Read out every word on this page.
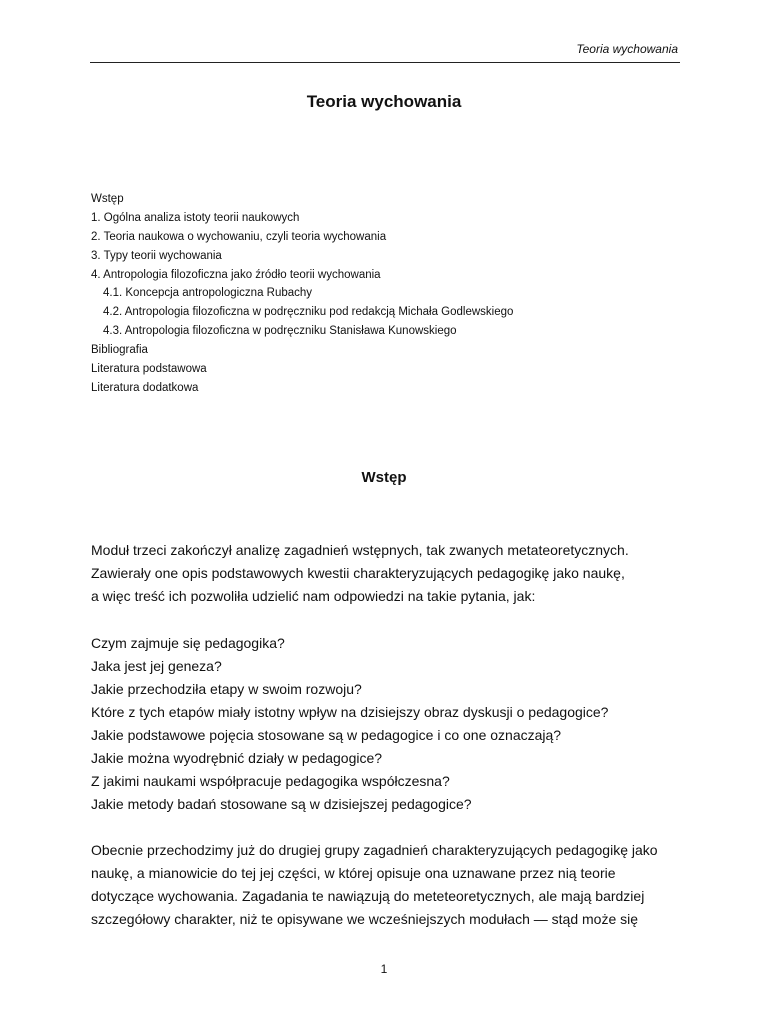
Teoria wychowania
Teoria wychowania
Wstęp
1. Ogólna analiza istoty teorii naukowych
2. Teoria naukowa o wychowaniu, czyli teoria wychowania
3. Typy teorii wychowania
4. Antropologia filozoficzna jako źródło teorii wychowania
4.1. Koncepcja antropologiczna Rubachy
4.2. Antropologia filozoficzna w podręczniku pod redakcją Michała Godlewskiego
4.3. Antropologia filozoficzna w podręczniku Stanisława Kunowskiego
Bibliografia
Literatura podstawowa
Literatura dodatkowa
Wstęp

Moduł trzeci zakończył analizę zagadnień wstępnych, tak zwanych metateoretycznych.
Zawierały one opis podstawowych kwestii charakteryzujących pedagogikę jako naukę,
a więc treść ich pozwoliła udzielić nam odpowiedzi na takie pytania, jak:

Czym zajmuje się pedagogika?
Jaka jest jej geneza?
Jakie przechodziła etapy w swoim rozwoju?
Które z tych etapów miały istotny wpływ na dzisiejszy obraz dyskusji o pedagogice?
Jakie podstawowe pojęcia stosowane są w pedagogice i co one oznaczają?
Jakie można wyodrębnić działy w pedagogice?
Z jakimi naukami współpracuje pedagogika współczesna?
Jakie metody badań stosowane są w dzisiejszej pedagogice?

Obecnie przechodzimy już do drugiej grupy zagadnień charakteryzujących pedagogikę jako
naukę, a mianowicie do tej jej części, w której opisuje ona uznawane przez nią teorie
dotyczące wychowania. Zagadania te nawiązują do meteteoretycznych, ale mają bardziej
szczegółowy charakter, niż te opisywane we wcześniejszych modułach — stąd może się

1
